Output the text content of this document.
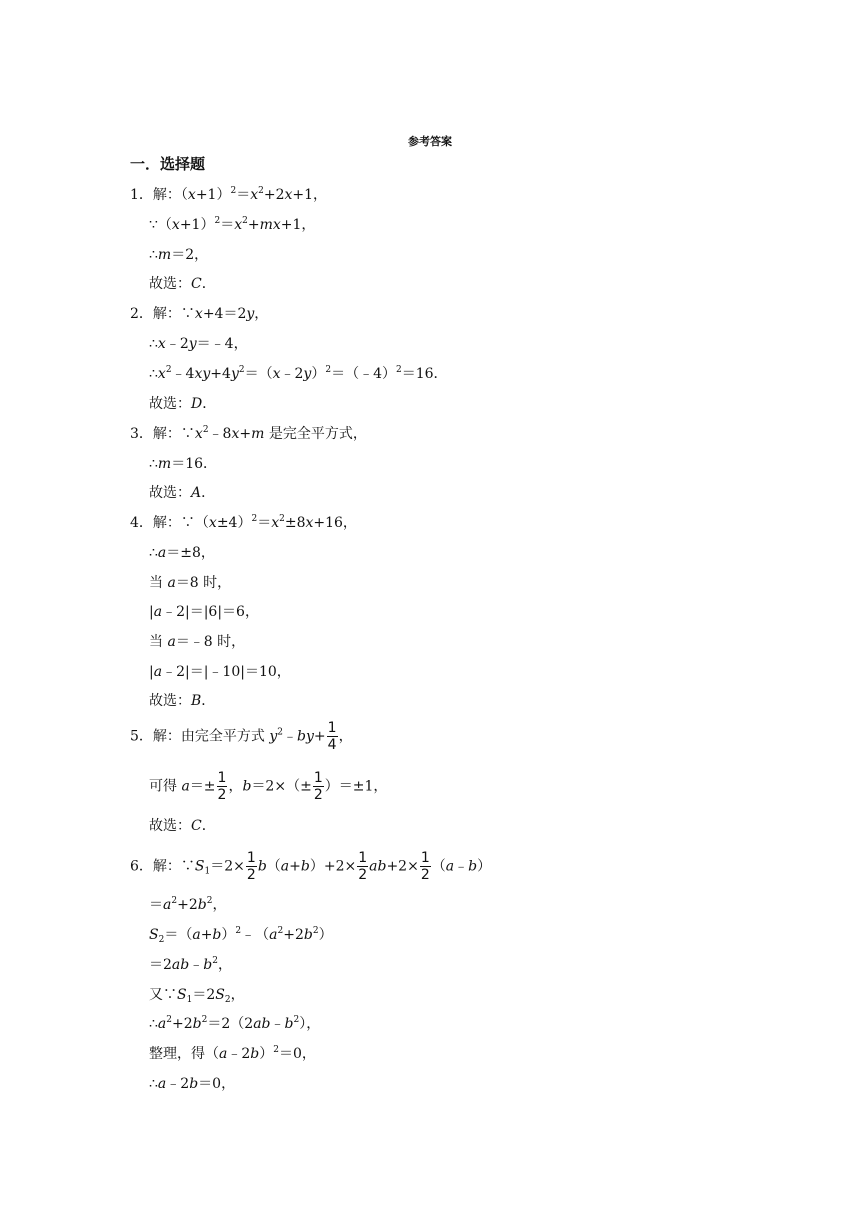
参考答案
一．选择题
1．解：$(x+1)^2=x^2+2x+1$，
$\because(x+1)^2=x^2+mx+1$，
∴m＝2，
故选：C．
2．解：∵x+4＝2y，
∴x﹣2y＝﹣4，
$\therefore x^2﹣4xy+4y^2=(x﹣2y)^2=(﹣4)^2=16$．
故选：D．
3．解：$\because x^2﹣8x+m$ 是完全平方式，
∴m＝16．
故选：A．
4．解：$\because(x\pm 4)^2=x^2\pm 8x+16$，
∴a＝±8，
当 a＝8 时，
|a﹣2|＝|6|＝6，
当 a＝﹣8 时，
|a﹣2|＝|﹣10|＝10，
故选：B．
5．解：由完全平方式 $y^2﹣by+ \frac{1}{4}$ ，
可得 $a=\pm \frac{1}{2}$ ，$b=2\times(\pm \frac{1}{2} )=\pm 1$，
故选：C．
6．解：$\because S_1=2\times \frac{1}{2} b(a+b)+2\times \frac{1}{2} ab+2\times \frac{1}{2}$ （a﹣b）
$=a^2+2b^2$，
$S_2=(a+b)^2﹣(a^2+2b^2)$
$=2ab﹣b^2$，
又$\because S_1=2S_2$，
$\therefore a^2+2b^2=2(2ab﹣b^2)$，
整理，得（a﹣2b）$^2$＝0，
∴a﹣2b＝0，
